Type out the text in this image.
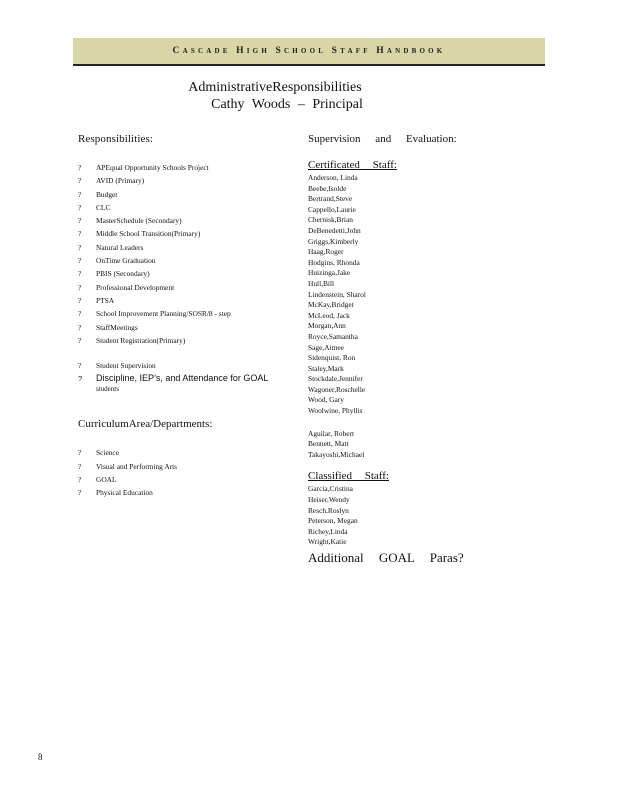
Cascade High School Staff Handbook
AdministrativeResponsibilities
Cathy Woods – Principal
Responsibilities:
? APEqual Opportunity Schools Project
? AVID (Primary)
? Budget
? CLC
? MasterSchedule (Secondary)
? Middle School Transition(Primary)
? Natural Leaders
? OnTime Graduation
? PBIS (Secondary)
? Professional Development
? PTSA
? School Improvement Planning/SOSR/8 - step
? StaffMeetings
? Student Registration(Primary)
? Student Supervision
? Discipline, IEP’s, and Attendance for GOAL
students
CurriculumArea/Departments:
? Science
? Visual and Performing Arts
? GOAL
? Physical Education
Supervision and Evaluation:
Certificated Staff:
Anderson, Linda
Beebe,Isolde
Bertrand,Steve
Cappello,Laurie
Chernisk,Brian
DeBenedetti,John
Griggs,Kimberly
Haag,Roger
Hodgins, Rhonda
Huizinga,Jake
Hull,Bill
Lindenstein, Sharol
McKay,Bridget
McLeod, Jack
Morgan,Ann
Royce,Samantha
Sage,Aimee
Sidenquist, Ron
Staley,Mark
Stockdale,Jennifer
Wagoner,Roschelle
Wood, Gary
Woolwine, Phyllis
Aguilar, Robert
Bennett, Matt
Takayoshi,Michael
Classified Staff:
Garcia,Cristina
Heiser,Wendy
Resch,Roslyn
Peterson, Megan
Richey,Linda
Wright,Katie
Additional GOAL Paras?
8
